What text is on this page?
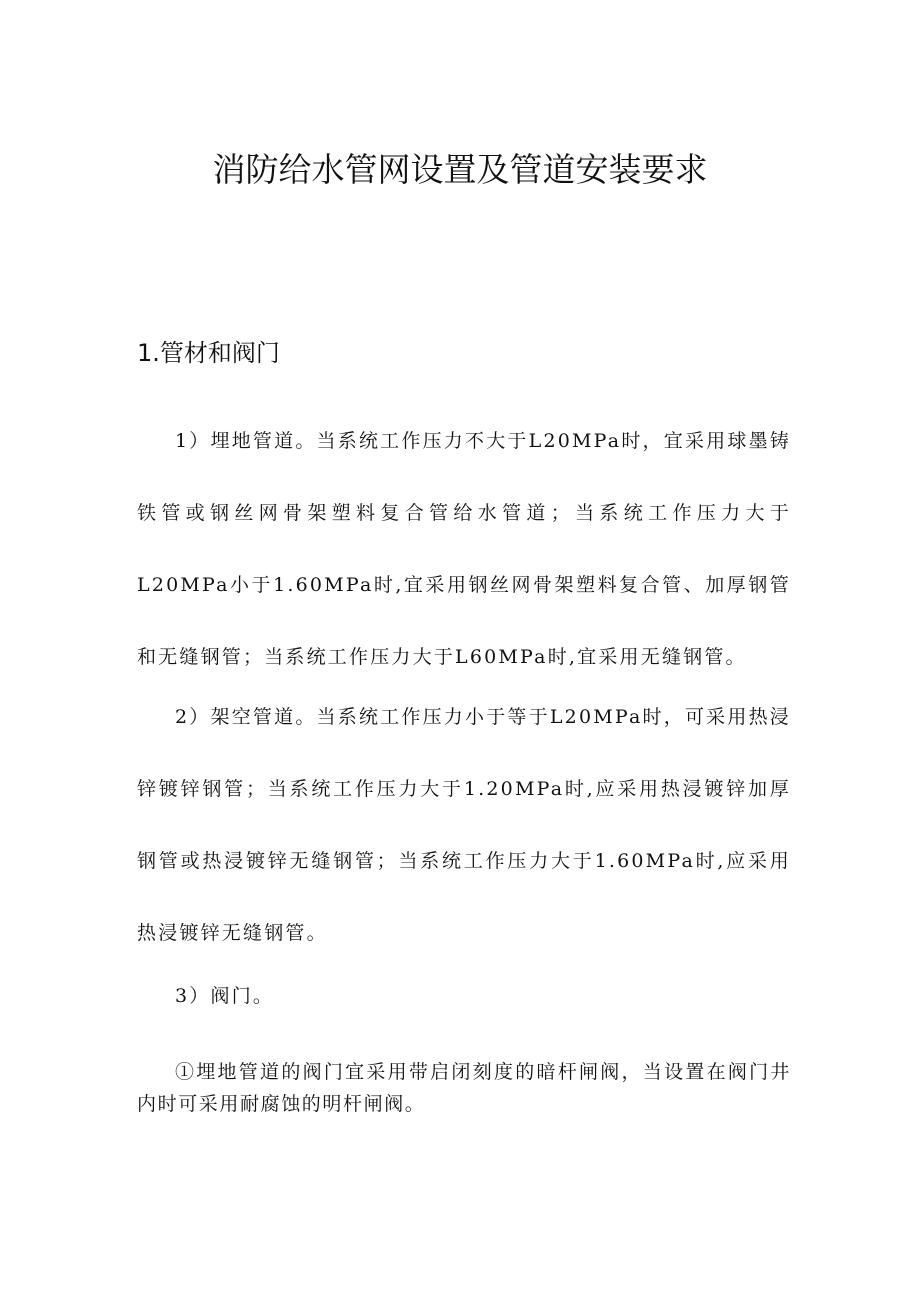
消防给水管网设置及管道安装要求
1.管材和阀门

1）埋地管道。当系统工作压力不大于L20MPa时，宜采用球墨铸铁管或钢丝网骨架塑料复合管给水管道；当系统工作压力大于L20MPa小于1.60MPa时,宜采用钢丝网骨架塑料复合管、加厚钢管和无缝钢管；当系统工作压力大于L60MPa时,宜采用无缝钢管。

2）架空管道。当系统工作压力小于等于L20MPa时，可采用热浸锌镀锌钢管；当系统工作压力大于1.20MPa时,应采用热浸镀锌加厚钢管或热浸镀锌无缝钢管；当系统工作压力大于1.60MPa时,应采用热浸镀锌无缝钢管。

3）阀门。

①埋地管道的阀门宜采用带启闭刻度的暗杆闸阀，当设置在阀门井内时可采用耐腐蚀的明杆闸阀。
